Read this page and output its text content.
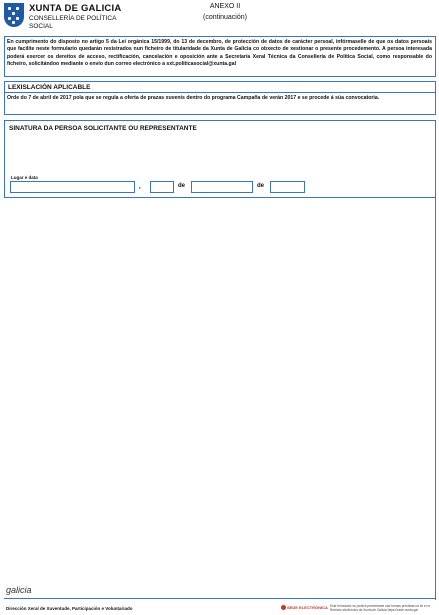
XUNTA DE GALICIA
CONSELLERÍA DE POLÍTICA
SOCIAL
ANEXO II
(continuación)
En cumprimento do disposto no artigo 5 da Lei orgánica 15/1999, do 13 de decembro, de protección de datos de carácter persoal, infórmaselle de que os datos persoais que facilite neste formulario quedarán rexistrados nun ficheiro de titularidade da Xunta de Galicia co obxecto de xestionar o presente procedemento. A persoa interesada poderá exercer os dereitos de acceso, rectificación, cancelación e oposición ante a Secretaría Xeral Técnica da Consellería de Política Social, como responsable do ficheiro, solicitándoo mediante o envío dun correo electrónico a sxt.politicasocial@xunta.gal
LEXISLACIÓN APLICABLE
Orde do 7 de abril de 2017 pola que se regula a oferta de prazas xuvenís dentro do programa Campaña de verán 2017 e se procede á súa convocatoria.
SINATURA DA PERSOA SOLICITANTE OU REPRESENTANTE
Lugar e data
,	de	de
galicia
Dirección Xeral de Xuventude, Participación e Voluntariado	SEDE ELECTRÓNICA Este formulario só poderá presentarse nas formas previstas na lei e no Rexistro electrónico da Xunta de Galicia https://sede.xunta.gal
